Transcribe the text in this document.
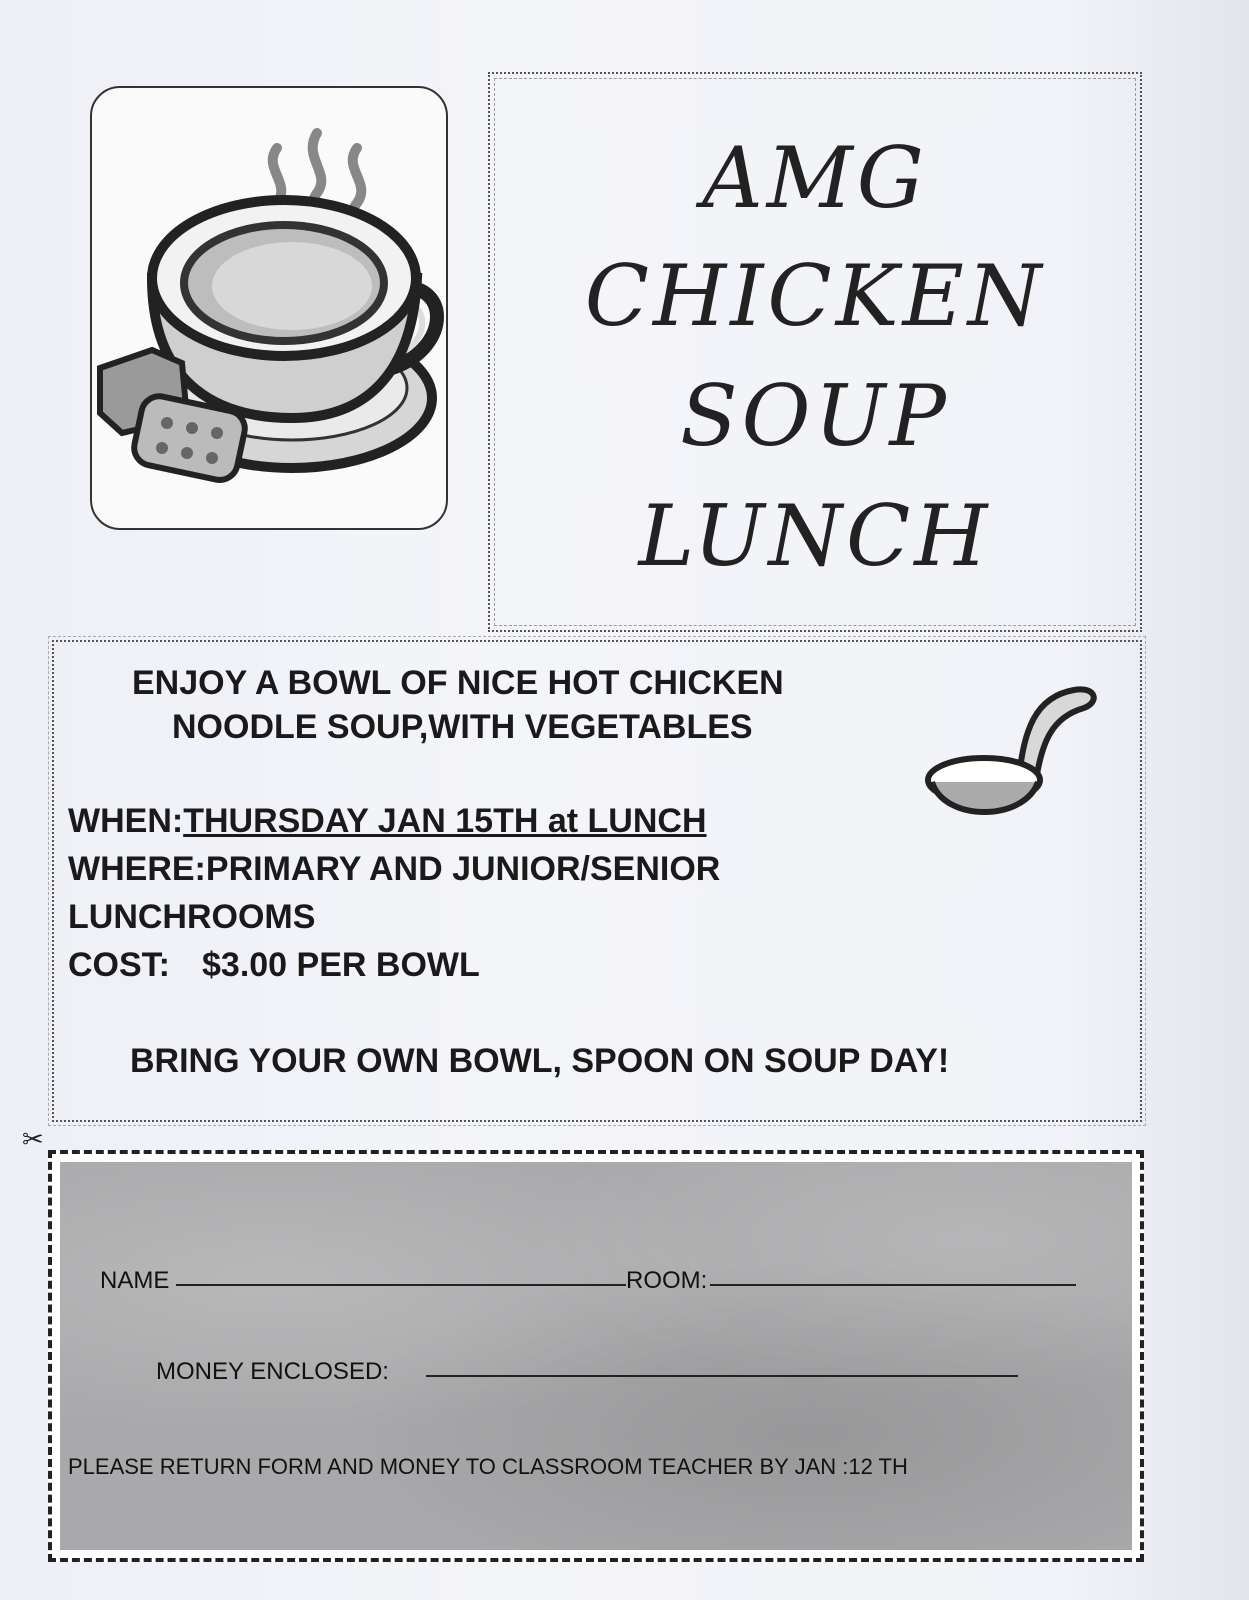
AMG
CHICKEN
SOUP
LUNCH
ENJOY A BOWL OF NICE HOT CHICKEN
NOODLE SOUP,WITH VEGETABLES
WHEN:THURSDAY JAN 15TH at LUNCH
WHERE:PRIMARY AND JUNIOR/SENIOR
LUNCHROOMS
COST: $3.00 PER BOWL
BRING YOUR OWN BOWL, SPOON ON SOUP DAY!
✂
NAME	ROOM:
MONEY ENCLOSED:
PLEASE RETURN FORM AND MONEY TO CLASSROOM TEACHER BY JAN :12 TH
